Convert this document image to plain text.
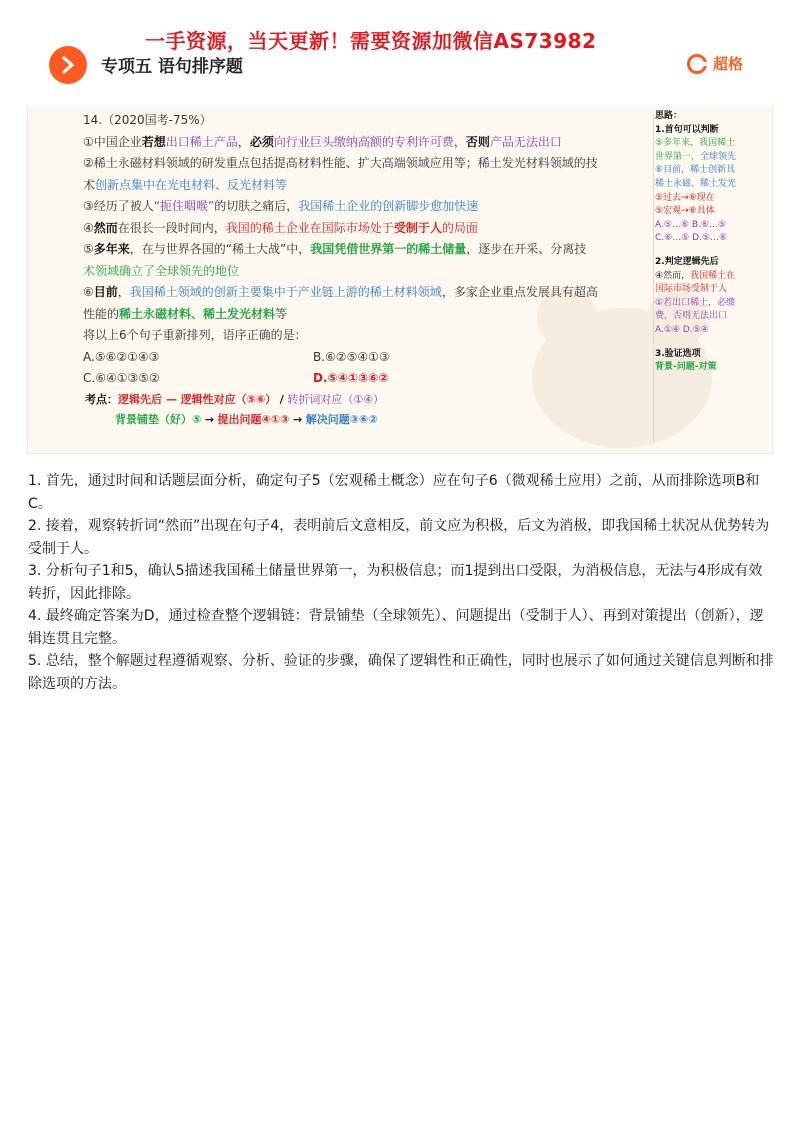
一手资源，当天更新！需要资源加微信AS73982
专项五 语句排序题	超格
14.（2020国考-75%）
①中国企业若想出口稀土产品，必须向行业巨头缴纳高额的专利许可费，否则产品无法出口
②稀土永磁材料领域的研发重点包括提高材料性能、扩大高端领域应用等；稀土发光材料领域的技
术创新点集中在光电材料、反光材料等
③经历了被人“扼住咽喉”的切肤之痛后，我国稀土企业的创新脚步愈加快速
④然而在很长一段时间内，我国的稀土企业在国际市场处于受制于人的局面
⑤多年来，在与世界各国的“稀土大战”中，我国凭借世界第一的稀土储量，逐步在开采、分离技
术领域确立了全球领先的地位
⑥目前，我国稀土领域的创新主要集中于产业链上游的稀土材料领域，多家企业重点发展具有超高
性能的稀土永磁材料、稀土发光材料等
将以上6个句子重新排列，语序正确的是：
A.⑤⑥②①④③	B.⑥②⑤④①③
C.⑥④①③⑤②	D.⑤④①③⑥②
考点：逻辑先后 — 逻辑性对应（⑤⑥） / 转折词对应（①④）
背景铺垫（好）⑤ → 提出问题④①③ → 解决问题③⑥②
思路：
1.首句可以判断
⑤多年来，我国稀土
世界第一，全球领先
⑥目前，稀土创新具
稀土永磁、稀土发光
⑤过去→⑥现在
⑤宏观→⑥具体
A.⑤…⑥ B.⑥…⑤
C.⑥…⑤ D.⑤…⑥
2.判定逻辑先后
④然而，我国稀土在
国际市场受制于人
①若出口稀土，必缴
费，否则无法出口
A.①④ D.⑤④
3.验证选项
背景-问题-对策

1. 首先，通过时间和话题层面分析，确定句子5（宏观稀土概念）应在句子6（微观稀土应用）之前，从而排除选项B和C。

2. 接着，观察转折词“然而”出现在句子4，表明前后文意相反，前文应为积极，后文为消极，即我国稀土状况从优势转为受制于人。

3. 分析句子1和5，确认5描述我国稀土储量世界第一，为积极信息；而1提到出口受限，为消极信息，无法与4形成有效转折，因此排除。

4. 最终确定答案为D，通过检查整个逻辑链：背景铺垫（全球领先）、问题提出（受制于人）、再到对策提出（创新），逻辑连贯且完整。

5. 总结，整个解题过程遵循观察、分析、验证的步骤，确保了逻辑性和正确性，同时也展示了如何通过关键信息判断和排除选项的方法。
